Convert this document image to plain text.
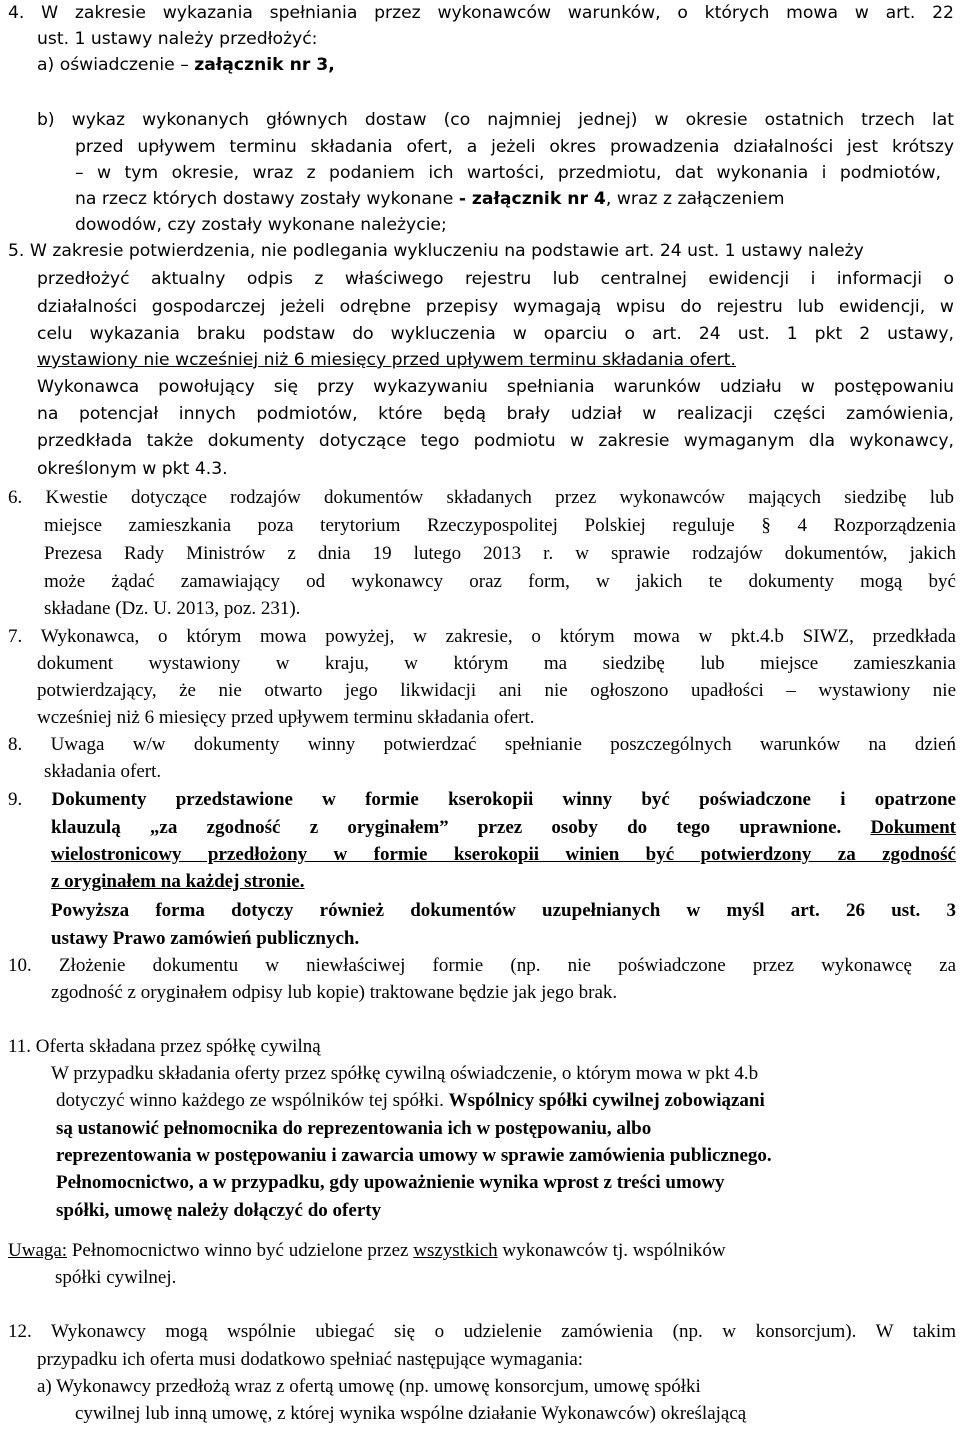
4. W zakresie wykazania spełniania przez wykonawców warunków, o których mowa w art. 22
ust. 1 ustawy należy przedłożyć:
a) oświadczenie – załącznik nr 3,
b) wykaz wykonanych głównych dostaw (co najmniej jednej) w okresie ostatnich trzech lat
przed upływem terminu składania ofert, a jeżeli okres prowadzenia działalności jest krótszy
– w tym okresie, wraz z podaniem ich wartości, przedmiotu, dat wykonania i podmiotów,
na rzecz których dostawy zostały wykonane - załącznik nr 4, wraz z załączeniem
dowodów, czy zostały wykonane należycie;
5. W zakresie potwierdzenia, nie podlegania wykluczeniu na podstawie art. 24 ust. 1 ustawy należy
przedłożyć aktualny odpis z właściwego rejestru lub centralnej ewidencji i informacji o
działalności gospodarczej jeżeli odrębne przepisy wymagają wpisu do rejestru lub ewidencji, w
celu wykazania braku podstaw do wykluczenia w oparciu o art. 24 ust. 1 pkt 2 ustawy,
wystawiony nie wcześniej niż 6 miesięcy przed upływem terminu składania ofert.
Wykonawca powołujący się przy wykazywaniu spełniania warunków udziału w postępowaniu
na potencjał innych podmiotów, które będą brały udział w realizacji części zamówienia,
przedkłada także dokumenty dotyczące tego podmiotu w zakresie wymaganym dla wykonawcy,
określonym w pkt 4.3.
6. Kwestie dotyczące rodzajów dokumentów składanych przez wykonawców mających siedzibę lub
miejsce zamieszkania poza terytorium Rzeczypospolitej Polskiej reguluje § 4 Rozporządzenia
Prezesa Rady Ministrów z dnia 19 lutego 2013 r. w sprawie rodzajów dokumentów, jakich
może żądać zamawiający od wykonawcy oraz form, w jakich te dokumenty mogą być
składane (Dz. U. 2013, poz. 231).
7. Wykonawca, o którym mowa powyżej, w zakresie, o którym mowa w pkt.4.b SIWZ, przedkłada
dokument wystawiony w kraju, w którym ma siedzibę lub miejsce zamieszkania
potwierdzający, że nie otwarto jego likwidacji ani nie ogłoszono upadłości – wystawiony nie
wcześniej niż 6 miesięcy przed upływem terminu składania ofert.
8. Uwaga w/w dokumenty winny potwierdzać spełnianie poszczególnych warunków na dzień
składania ofert.
9. Dokumenty przedstawione w formie kserokopii winny być poświadczone i opatrzone
klauzulą „za zgodność z oryginałem” przez osoby do tego uprawnione. Dokument
wielostronicowy przedłożony w formie kserokopii winien być potwierdzony za zgodność
z oryginałem na każdej stronie.
Powyższa forma dotyczy również dokumentów uzupełnianych w myśl art. 26 ust. 3
ustawy Prawo zamówień publicznych.
10. Złożenie dokumentu w niewłaściwej formie (np. nie poświadczone przez wykonawcę za
zgodność z oryginałem odpisy lub kopie) traktowane będzie jak jego brak.
11. Oferta składana przez spółkę cywilną
W przypadku składania oferty przez spółkę cywilną oświadczenie, o którym mowa w pkt 4.b
dotyczyć winno każdego ze wspólników tej spółki. Wspólnicy spółki cywilnej zobowiązani
są ustanowić pełnomocnika do reprezentowania ich w postępowaniu, albo
reprezentowania w postępowaniu i zawarcia umowy w sprawie zamówienia publicznego.
Pełnomocnictwo, a w przypadku, gdy upoważnienie wynika wprost z treści umowy
spółki, umowę należy dołączyć do oferty
Uwaga: Pełnomocnictwo winno być udzielone przez wszystkich wykonawców tj. wspólników
spółki cywilnej.
12. Wykonawcy mogą wspólnie ubiegać się o udzielenie zamówienia (np. w konsorcjum). W takim
przypadku ich oferta musi dodatkowo spełniać następujące wymagania:
a) Wykonawcy przedłożą wraz z ofertą umowę (np. umowę konsorcjum, umowę spółki
cywilnej lub inną umowę, z której wynika wspólne działanie Wykonawców) określającą
